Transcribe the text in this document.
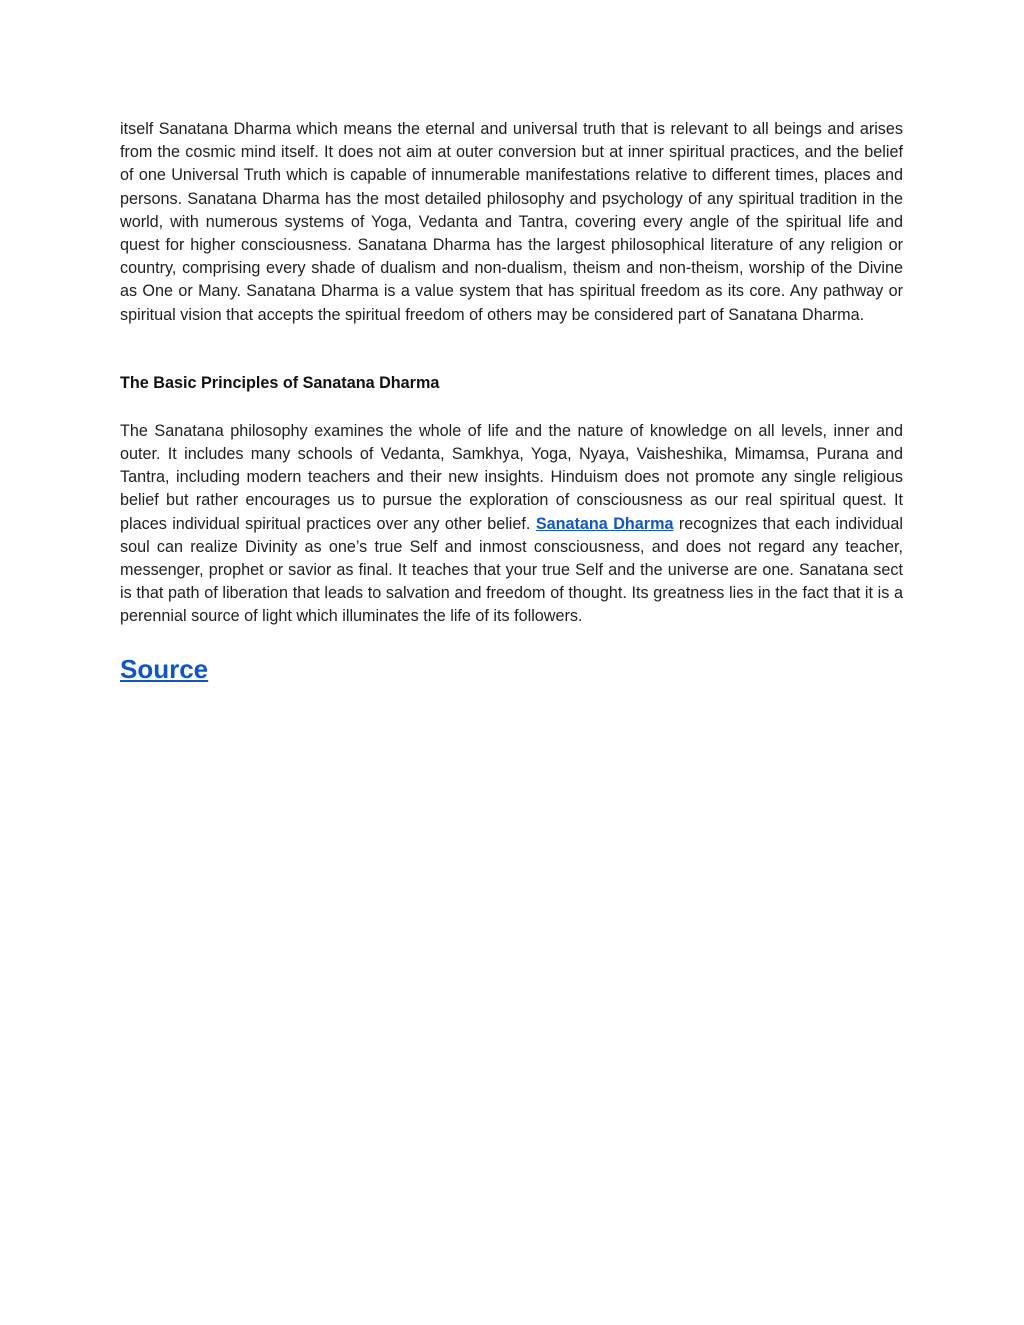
itself Sanatana Dharma which means the eternal and universal truth that is relevant to all beings and arises from the cosmic mind itself. It does not aim at outer conversion but at inner spiritual practices, and the belief of one Universal Truth which is capable of innumerable manifestations relative to different times, places and persons. Sanatana Dharma has the most detailed philosophy and psychology of any spiritual tradition in the world, with numerous systems of Yoga, Vedanta and Tantra, covering every angle of the spiritual life and quest for higher consciousness. Sanatana Dharma has the largest philosophical literature of any religion or country, comprising every shade of dualism and non-dualism, theism and non-theism, worship of the Divine as One or Many. Sanatana Dharma is a value system that has spiritual freedom as its core. Any pathway or spiritual vision that accepts the spiritual freedom of others may be considered part of Sanatana Dharma.

The Basic Principles of Sanatana Dharma

The Sanatana philosophy examines the whole of life and the nature of knowledge on all levels, inner and outer. It includes many schools of Vedanta, Samkhya, Yoga, Nyaya, Vaisheshika, Mimamsa, Purana and Tantra, including modern teachers and their new insights. Hinduism does not promote any single religious belief but rather encourages us to pursue the exploration of consciousness as our real spiritual quest. It places individual spiritual practices over any other belief. Sanatana Dharma recognizes that each individual soul can realize Divinity as one’s true Self and inmost consciousness, and does not regard any teacher, messenger, prophet or savior as final. It teaches that your true Self and the universe are one. Sanatana sect is that path of liberation that leads to salvation and freedom of thought. Its greatness lies in the fact that it is a perennial source of light which illuminates the life of its followers.

Source
